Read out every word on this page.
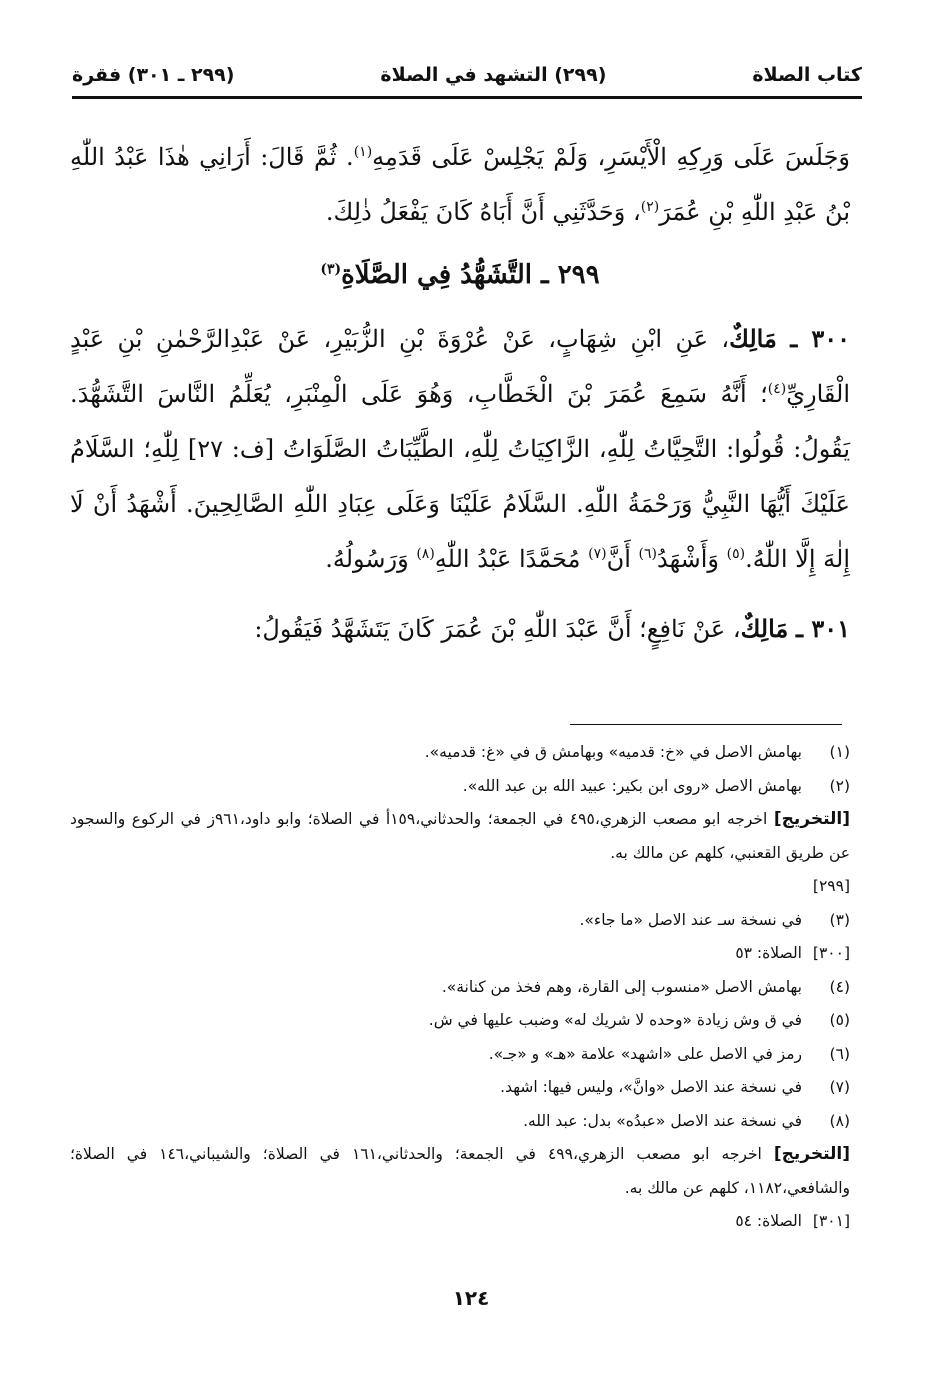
كتاب الصلاة
(٢٩٩) التشهد في الصلاة
(٢٩٩ ـ ٣٠١) فقرة

وَجَلَسَ عَلَى وَرِكِهِ الْأَيْسَرِ، وَلَمْ يَجْلِسْ عَلَى قَدَمِهِ$^{(١)}$. ثُمَّ قَالَ: أَرَانِي هٰذَا عَبْدُ اللّٰهِ بْنُ عَبْدِ اللّٰهِ بْنِ عُمَرَ$^{(٢)}$، وَحَدَّثَنِي أَنَّ أَبَاهُ كَانَ يَفْعَلُ ذٰلِكَ.

٢٩٩ ـ التَّشَهُّدُ فِي الصَّلَاةِ$^{(٣)}$

٣٠٠ ـ مَالِكٌ، عَنِ ابْنِ شِهَابٍ، عَنْ عُرْوَةَ بْنِ الزُّبَيْرِ، عَنْ عَبْدِالرَّحْمٰنِ بْنِ عَبْدٍ الْقَارِيِّ$^{(٤)}$؛ أَنَّهُ سَمِعَ عُمَرَ بْنَ الْخَطَّابِ، وَهُوَ عَلَى الْمِنْبَرِ، يُعَلِّمُ النَّاسَ التَّشَهُّدَ. يَقُولُ: قُولُوا: التَّحِيَّاتُ لِلّٰهِ، الزَّاكِيَاتُ لِلّٰهِ، الطَّيِّبَاتُ الصَّلَوَاتُ [ف: ٢٧] لِلّٰهِ؛ السَّلَامُ عَلَيْكَ أَيُّهَا النَّبِيُّ وَرَحْمَةُ اللّٰهِ. السَّلَامُ عَلَيْنَا وَعَلَى عِبَادِ اللّٰهِ الصَّالِحِينَ. أَشْهَدُ أَنْ لَا إِلٰهَ إِلَّا اللّٰهُ.$^{(٥)}$ وَأَشْهَدُ$^{(٦)}$ أَنَّ$^{(٧)}$ مُحَمَّدًا عَبْدُ اللّٰهِ$^{(٨)}$ وَرَسُولُهُ.

٣٠١ ـ مَالِكٌ، عَنْ نَافِعٍ؛ أَنَّ عَبْدَ اللّٰهِ بْنَ عُمَرَ كَانَ يَتَشَهَّدُ فَيَقُولُ:

(١)
بهامش الاصل في «خ: قدميه» وبهامش ق في «غ: قدميه».
(٢)
بهامش الاصل «روى ابن بكير: عبيد الله بن عبد الله».
[التخريج] اخرجه ابو مصعب الزهري،٤٩٥ في الجمعة؛ والحدثاني،١٥٩أ في الصلاة؛ وابو داود،٩٦١ز في الركوع والسجود عن طريق القعنبي، كلهم عن مالك به.
[٢٩٩]
(٣)
في نسخة سـ عند الاصل «ما جاء».
[٣٠٠]
الصلاة: ٥٣
(٤)
بهامش الاصل «منسوب إلى القارة، وهم فخذ من كنانة».
(٥)
في ق وش زيادة «وحده لا شريك له» وضبب عليها في ش.
(٦)
رمز في الاصل على «اشهد» علامة «هـ» و «جـ».
(٧)
في نسخة عند الاصل «وانَّ»، وليس فيها: اشهد.
(٨)
في نسخة عند الاصل «عبدُه» بدل: عبد الله.
[التخريج] اخرجه ابو مصعب الزهري،٤٩٩ في الجمعة؛ والحدثاني،١٦١ في الصلاة؛ والشيباني،١٤٦ في الصلاة؛ والشافعي،١١٨٢، كلهم عن مالك به.
[٣٠١]
الصلاة: ٥٤
١٢٤
